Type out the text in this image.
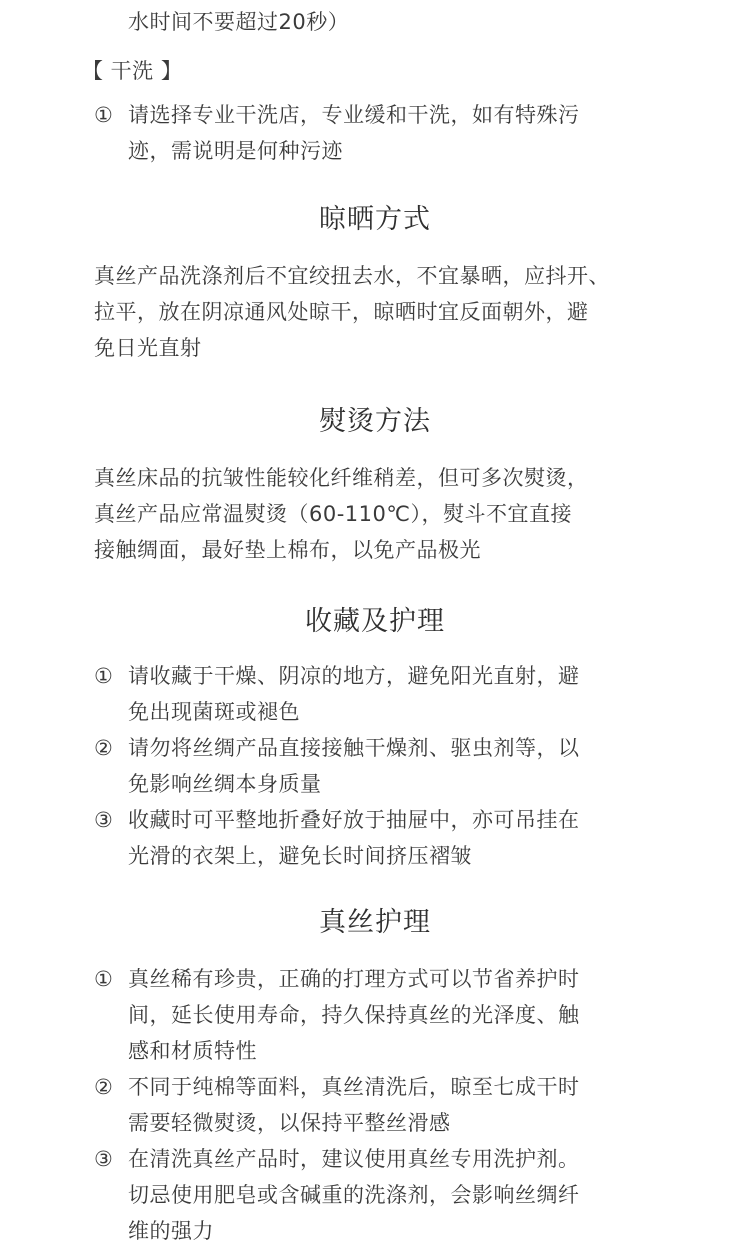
水时间不要超过20秒）
【 干洗 】
① 请选择专业干洗店，专业缓和干洗，如有特殊污
迹，需说明是何种污迹
晾晒方式
真丝产品洗涤剂后不宜绞扭去水，不宜暴晒，应抖开、
拉平，放在阴凉通风处晾干，晾晒时宜反面朝外，避
免日光直射
熨烫方法
真丝床品的抗皱性能较化纤维稍差，但可多次熨烫，
真丝产品应常温熨烫（60-110℃），熨斗不宜直接
接触绸面，最好垫上棉布，以免产品极光
收藏及护理
① 请收藏于干燥、阴凉的地方，避免阳光直射，避
免出现菌斑或褪色
② 请勿将丝绸产品直接接触干燥剂、驱虫剂等，以
免影响丝绸本身质量
③ 收藏时可平整地折叠好放于抽屉中，亦可吊挂在
光滑的衣架上，避免长时间挤压褶皱
真丝护理
① 真丝稀有珍贵，正确的打理方式可以节省养护时
间，延长使用寿命，持久保持真丝的光泽度、触
感和材质特性
② 不同于纯棉等面料，真丝清洗后，晾至七成干时
需要轻微熨烫，以保持平整丝滑感
③ 在清洗真丝产品时，建议使用真丝专用洗护剂。
切忌使用肥皂或含碱重的洗涤剂，会影响丝绸纤
维的强力
